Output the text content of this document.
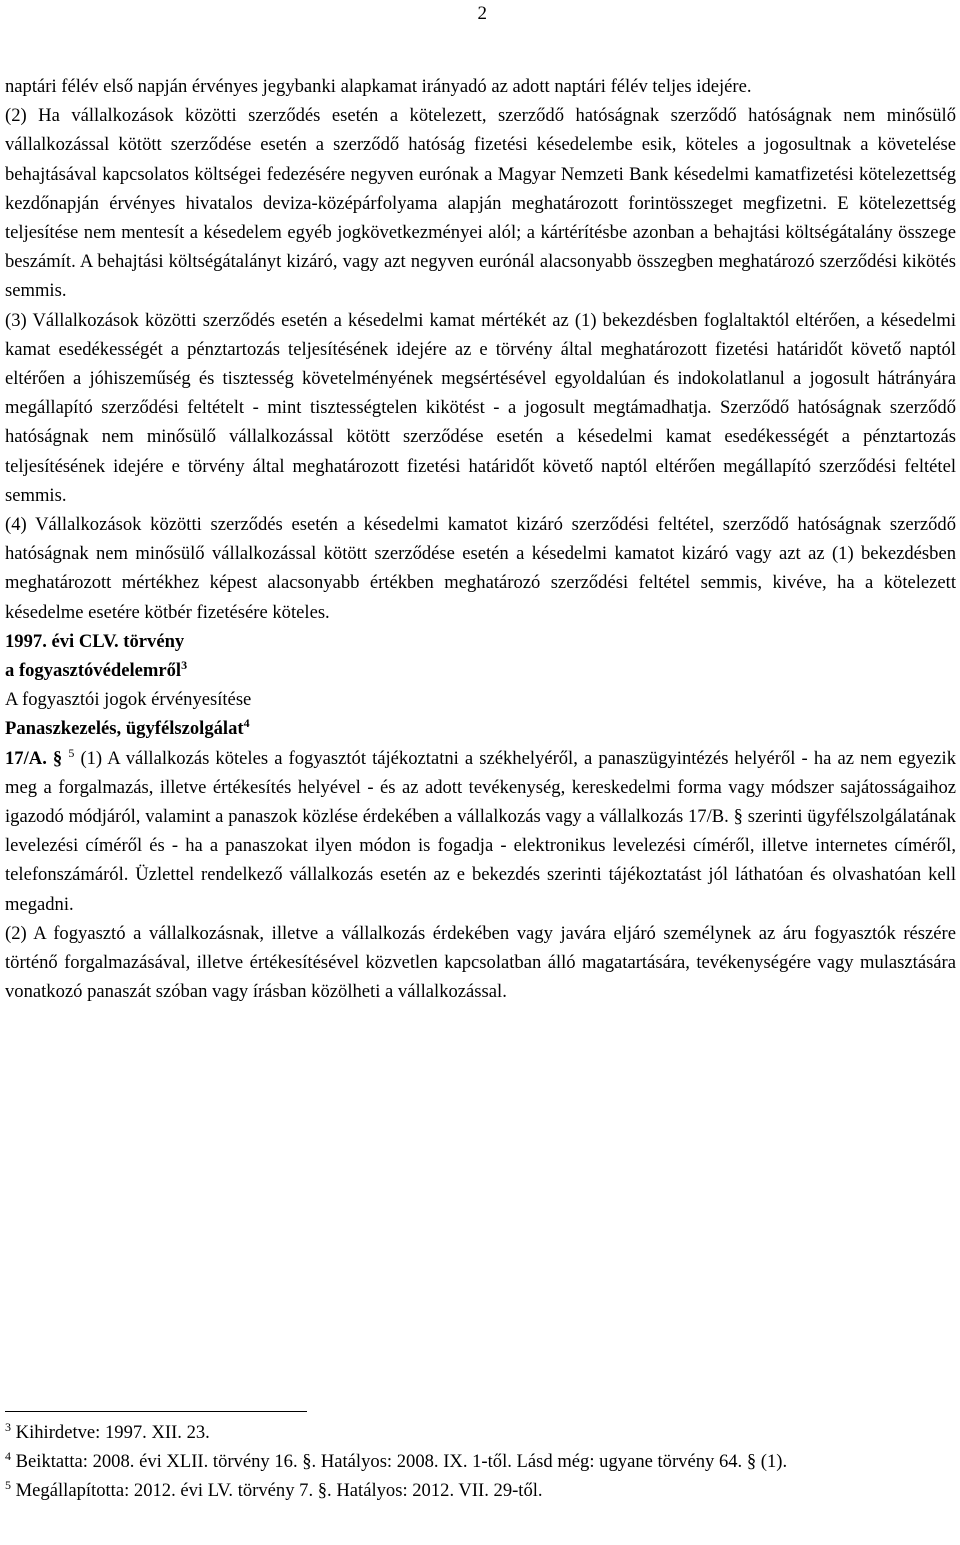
2

naptári félév első napján érvényes jegybanki alapkamat irányadó az adott naptári félév teljes idejére.

(2) Ha vállalkozások közötti szerződés esetén a kötelezett, szerződő hatóságnak szerződő hatóságnak nem minősülő vállalkozással kötött szerződése esetén a szerződő hatóság fizetési késedelembe esik, köteles a jogosultnak a követelése behajtásával kapcsolatos költségei fedezésére negyven eurónak a Magyar Nemzeti Bank késedelmi kamatfizetési kötelezettség kezdőnapján érvényes hivatalos deviza-középárfolyama alapján meghatározott forintösszeget megfizetni. E kötelezettség teljesítése nem mentesít a késedelem egyéb jogkövetkezményei alól; a kártérítésbe azonban a behajtási költségátalány összege beszámít. A behajtási költségátalányt kizáró, vagy azt negyven eurónál alacsonyabb összegben meghatározó szerződési kikötés semmis.

(3) Vállalkozások közötti szerződés esetén a késedelmi kamat mértékét az (1) bekezdésben foglaltaktól eltérően, a késedelmi kamat esedékességét a pénztartozás teljesítésének idejére az e törvény által meghatározott fizetési határidőt követő naptól eltérően a jóhiszeműség és tisztesség követelményének megsértésével egyoldalúan és indokolatlanul a jogosult hátrányára megállapító szerződési feltételt - mint tisztességtelen kikötést - a jogosult megtámadhatja. Szerződő hatóságnak szerződő hatóságnak nem minősülő vállalkozással kötött szerződése esetén a késedelmi kamat esedékességét a pénztartozás teljesítésének idejére e törvény által meghatározott fizetési határidőt követő naptól eltérően megállapító szerződési feltétel semmis.

(4) Vállalkozások közötti szerződés esetén a késedelmi kamatot kizáró szerződési feltétel, szerződő hatóságnak szerződő hatóságnak nem minősülő vállalkozással kötött szerződése esetén a késedelmi kamatot kizáró vagy azt az (1) bekezdésben meghatározott mértékhez képest alacsonyabb értékben meghatározó szerződési feltétel semmis, kivéve, ha a kötelezett késedelme esetére kötbér fizetésére köteles.

1997. évi CLV. törvény

a fogyasztóvédelemről$^3$

A fogyasztói jogok érvényesítése

Panaszkezelés, ügyfélszolgálat$^4$

17/A. § $^5$ (1) A vállalkozás köteles a fogyasztót tájékoztatni a székhelyéről, a panaszügyintézés helyéről - ha az nem egyezik meg a forgalmazás, illetve értékesítés helyével - és az adott tevékenység, kereskedelmi forma vagy módszer sajátosságaihoz igazodó módjáról, valamint a panaszok közlése érdekében a vállalkozás vagy a vállalkozás 17/B. § szerinti ügyfélszolgálatának levelezési címéről és - ha a panaszokat ilyen módon is fogadja - elektronikus levelezési címéről, illetve internetes címéről, telefonszámáról. Üzlettel rendelkező vállalkozás esetén az e bekezdés szerinti tájékoztatást jól láthatóan és olvashatóan kell megadni.

(2) A fogyasztó a vállalkozásnak, illetve a vállalkozás érdekében vagy javára eljáró személynek az áru fogyasztók részére történő forgalmazásával, illetve értékesítésével közvetlen kapcsolatban álló magatartására, tevékenységére vagy mulasztására vonatkozó panaszát szóban vagy írásban közölheti a vállalkozással.

$^3$ Kihirdetve: 1997. XII. 23.

$^4$ Beiktatta: 2008. évi XLII. törvény 16. §. Hatályos: 2008. IX. 1-től. Lásd még: ugyane törvény 64. § (1).

$^5$ Megállapította: 2012. évi LV. törvény 7. §. Hatályos: 2012. VII. 29-től.
